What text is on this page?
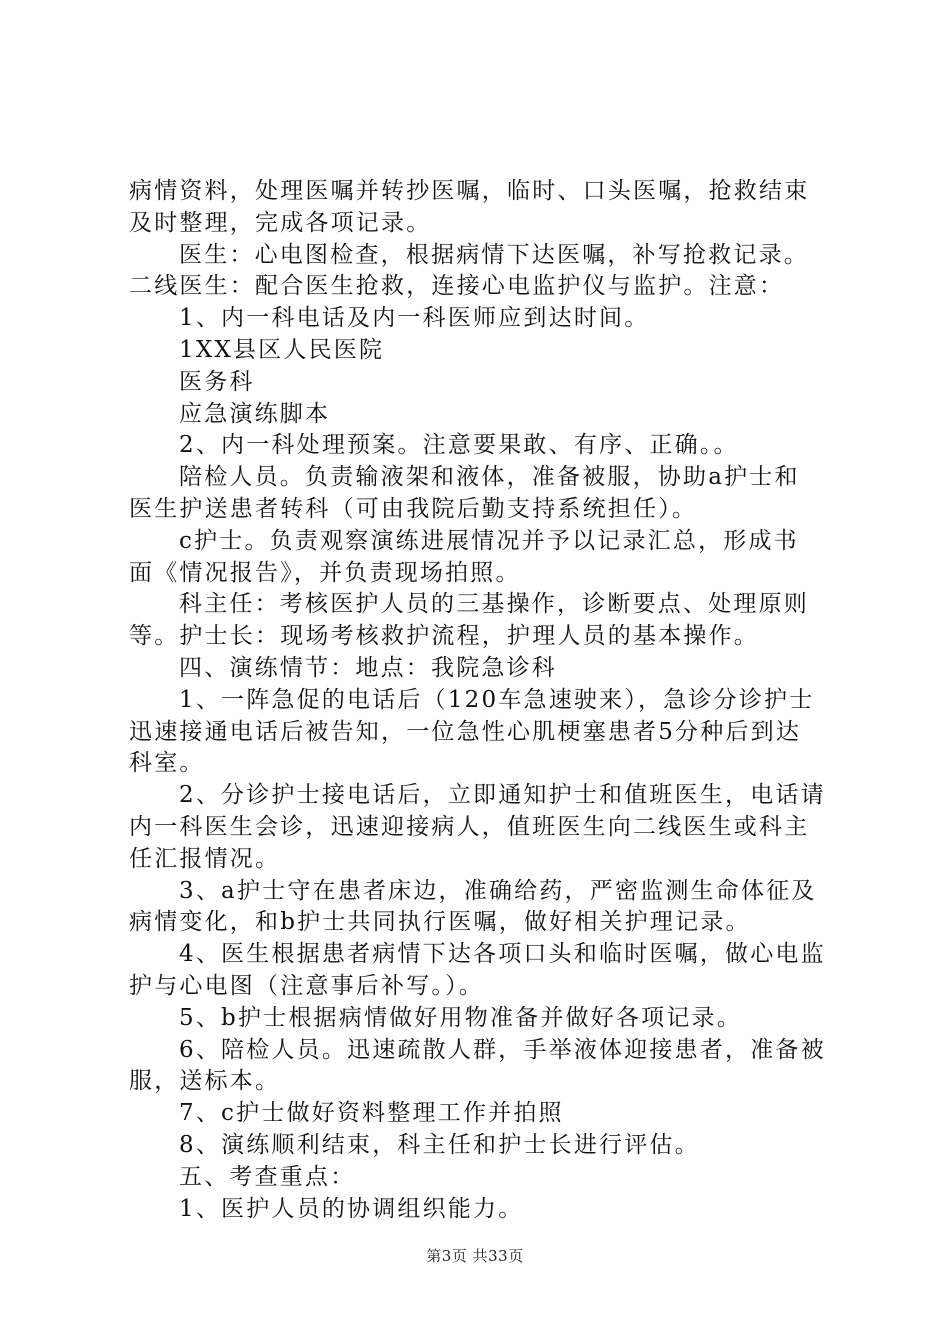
病情资料，处理医嘱并转抄医嘱，临时、口头医嘱，抢救结束
及时整理，完成各项记录。
医生：心电图检查，根据病情下达医嘱，补写抢救记录。
二线医生：配合医生抢救，连接心电监护仪与监护。注意：
1、内一科电话及内一科医师应到达时间。
1XX县区人民医院
医务科
应急演练脚本
2、内一科处理预案。注意要果敢、有序、正确。。
陪检人员。负责输液架和液体，准备被服，协助a护士和
医生护送患者转科（可由我院后勤支持系统担任）。
c护士。负责观察演练进展情况并予以记录汇总，形成书
面《情况报告》，并负责现场拍照。
科主任：考核医护人员的三基操作，诊断要点、处理原则
等。护士长：现场考核救护流程，护理人员的基本操作。
四、演练情节：地点：我院急诊科
1、一阵急促的电话后（120车急速驶来），急诊分诊护士
迅速接通电话后被告知，一位急性心肌梗塞患者5分种后到达
科室。
2、分诊护士接电话后，立即通知护士和值班医生，电话请
内一科医生会诊，迅速迎接病人，值班医生向二线医生或科主
任汇报情况。
3、a护士守在患者床边，准确给药，严密监测生命体征及
病情变化，和b护士共同执行医嘱，做好相关护理记录。
4、医生根据患者病情下达各项口头和临时医嘱，做心电监
护与心电图（注意事后补写。）。
5、b护士根据病情做好用物准备并做好各项记录。
6、陪检人员。迅速疏散人群，手举液体迎接患者，准备被
服，送标本。
7、c护士做好资料整理工作并拍照
8、演练顺利结束，科主任和护士长进行评估。
五、考查重点：
1、医护人员的协调组织能力。
第3页 共33页
